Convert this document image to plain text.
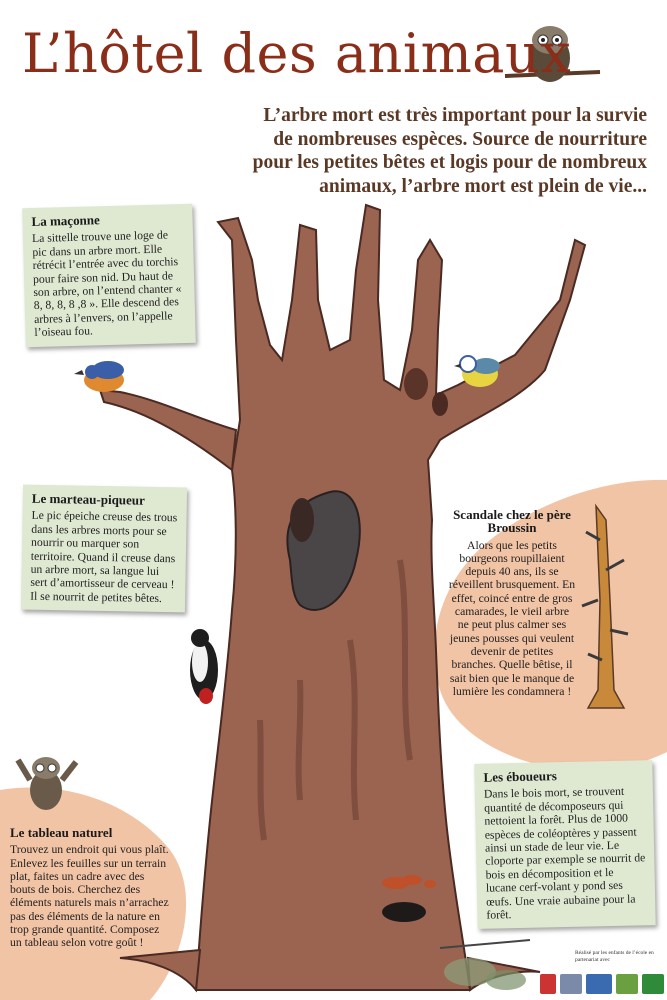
L’hôtel des animaux
L’arbre mort est très important pour la survie de nombreuses espèces. Source de nourriture pour les petites bêtes et logis pour de nombreux animaux, l’arbre mort est plein de vie...
La maçonne

La sittelle trouve une loge de pic dans un arbre mort. Elle rétrécit l’entrée avec du torchis pour faire son nid. Du haut de son arbre, on l’entend chanter « 8, 8, 8, 8 ,8 ». Elle descend des arbres à l’envers, on l’appelle l’oiseau fou.

Le marteau-piqueur

Le pic épeiche creuse des trous dans les arbres morts pour se nourrir ou marquer son territoire. Quand il creuse dans un arbre mort, sa langue lui sert d’amortisseur de cerveau ! Il se nourrit de petites bêtes.

Scandale chez le père Broussin

Alors que les petits bourgeons roupillaient depuis 40 ans, ils se réveillent brusquement. En effet, coincé entre de gros camarades, le vieil arbre ne peut plus calmer ses jeunes pousses qui veulent devenir de petites branches. Quelle bêtise, il sait bien que le manque de lumière les condamnera !

Les éboueurs

Dans le bois mort, se trouvent quantité de décomposeurs qui nettoient la forêt. Plus de 1000 espèces de coléoptères y passent ainsi un stade de leur vie. Le cloporte par exemple se nourrit de bois en décomposition et le lucane cerf-volant y pond ses œufs. Une vraie aubaine pour la forêt.

Le tableau naturel

Trouvez un endroit qui vous plaît. Enlevez les feuilles sur un terrain plat, faites un cadre avec des bouts de bois. Cherchez des éléments naturels mais n’arrachez pas des éléments de la nature en trop grande quantité. Composez un tableau selon votre goût !

Réalisé par les enfants de l’école en partenariat avec
